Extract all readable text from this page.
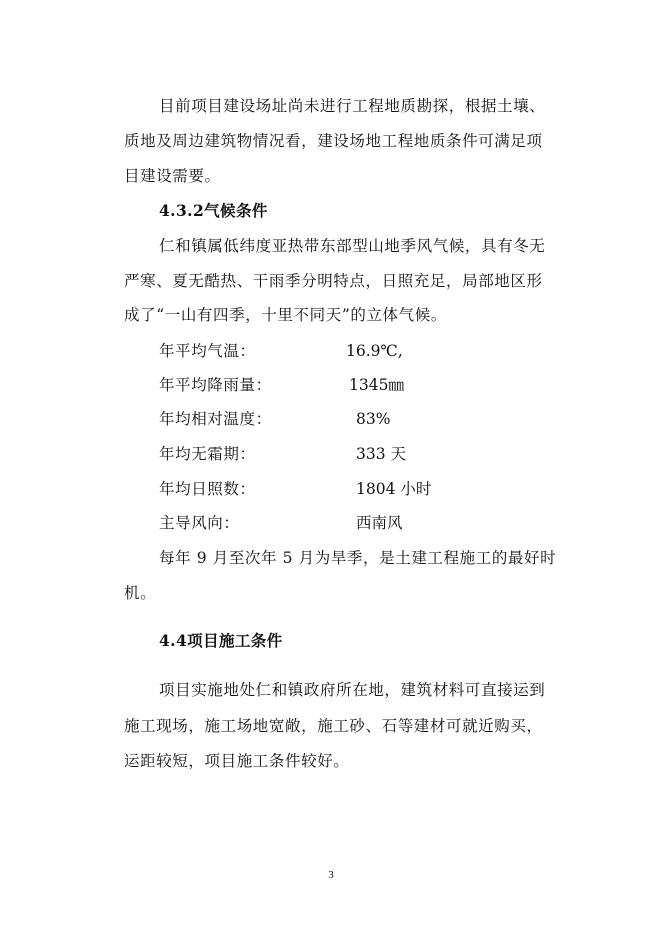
目前项目建设场址尚未进行工程地质勘探，根据土壤、
质地及周边建筑物情况看，建设场地工程地质条件可满足项
目建设需要。
4.3.2气候条件
仁和镇属低纬度亚热带东部型山地季风气候，具有冬无
严寒、夏无酷热、干雨季分明特点，日照充足，局部地区形
成了“一山有四季，十里不同天”的立体气候。
年平均气温：	16.9℃,
年平均降雨量：	1345㎜
年均相对温度：	83%
年均无霜期：	333 天
年均日照数：	1804 小时
主导风向：	西南风
每年 9 月至次年 5 月为旱季，是土建工程施工的最好时
机。
4.4项目施工条件
项目实施地处仁和镇政府所在地，建筑材料可直接运到
施工现场，施工场地宽敞，施工砂、石等建材可就近购买，
运距较短，项目施工条件较好。
3
